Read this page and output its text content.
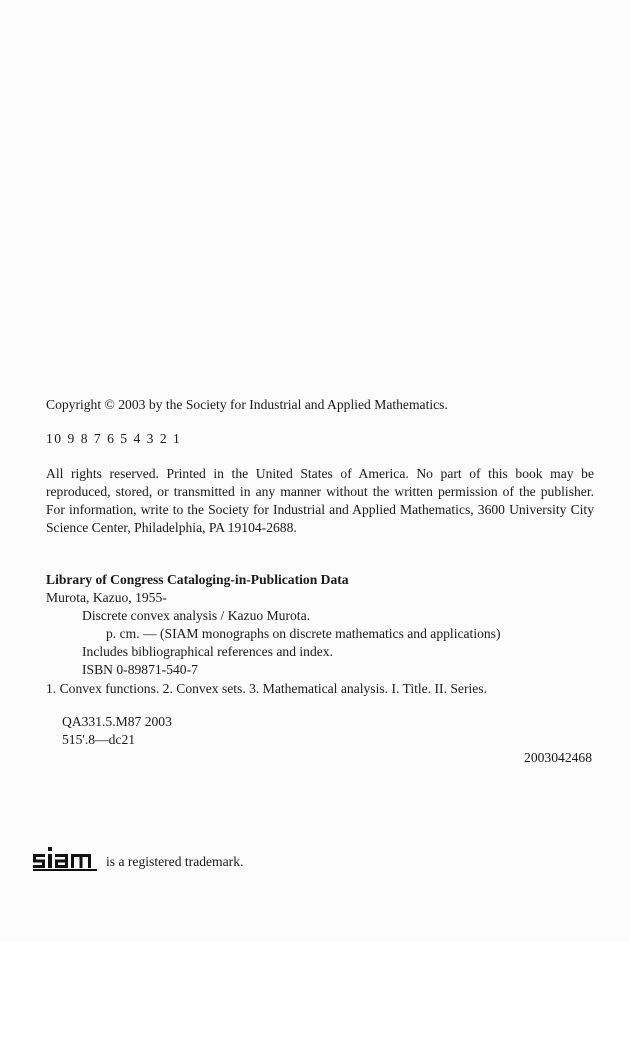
Copyright © 2003 by the Society for Industrial and Applied Mathematics.
10 9 8 7 6 5 4 3 2 1
All rights reserved. Printed in the United States of America. No part of this book may be reproduced, stored, or transmitted in any manner without the written permission of the publisher. For information, write to the Society for Industrial and Applied Mathematics, 3600 University City Science Center, Philadelphia, PA 19104-2688.
Library of Congress Cataloging-in-Publication Data
Murota, Kazuo, 1955-
Discrete convex analysis / Kazuo Murota.
p. cm. — (SIAM monographs on discrete mathematics and applications)
Includes bibliographical references and index.
ISBN 0-89871-540-7
1. Convex functions. 2. Convex sets. 3. Mathematical analysis. I. Title. II. Series.
QA331.5.M87 2003
515'.8—dc21
2003042468
is a registered trademark.
